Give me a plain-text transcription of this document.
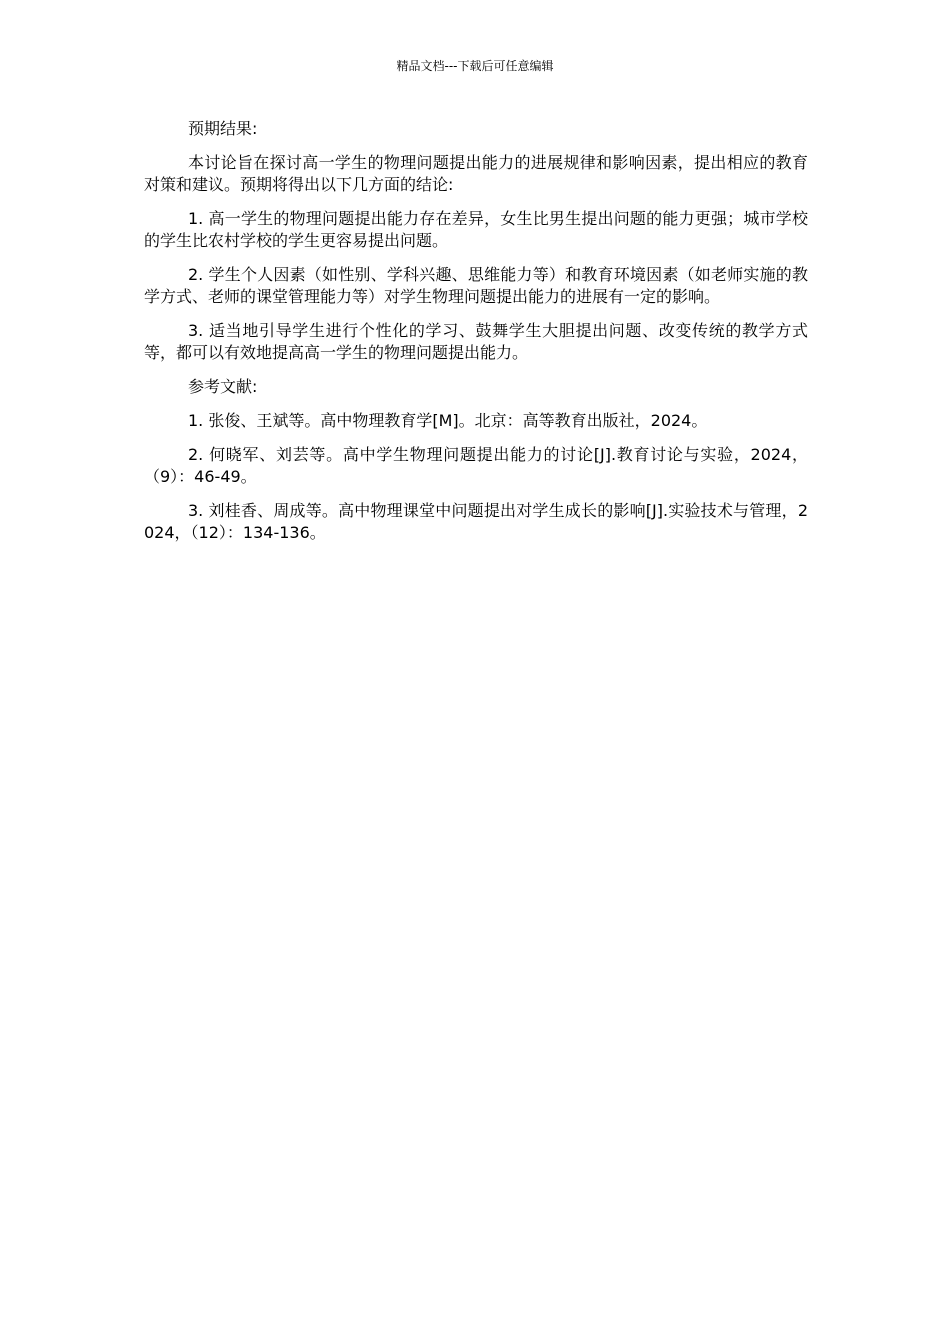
精品文档---下载后可任意编辑

预期结果:

本讨论旨在探讨高一学生的物理问题提出能力的进展规律和影响因素，提出相应的教育对策和建议。预期将得出以下几方面的结论:

1. 高一学生的物理问题提出能力存在差异，女生比男生提出问题的能力更强；城市学校的学生比农村学校的学生更容易提出问题。

2. 学生个人因素（如性别、学科兴趣、思维能力等）和教育环境因素（如老师实施的教学方式、老师的课堂管理能力等）对学生物理问题提出能力的进展有一定的影响。

3. 适当地引导学生进行个性化的学习、鼓舞学生大胆提出问题、改变传统的教学方式等，都可以有效地提高高一学生的物理问题提出能力。

参考文献:

1. 张俊、王斌等。高中物理教育学[M]。北京：高等教育出版社，2024。

2. 何晓军、刘芸等。高中学生物理问题提出能力的讨论[J].教育讨论与实验，2024，（9）：46-49。

3. 刘桂香、周成等。高中物理课堂中问题提出对学生成长的影响[J].实验技术与管理，2024，（12）：134-136。
